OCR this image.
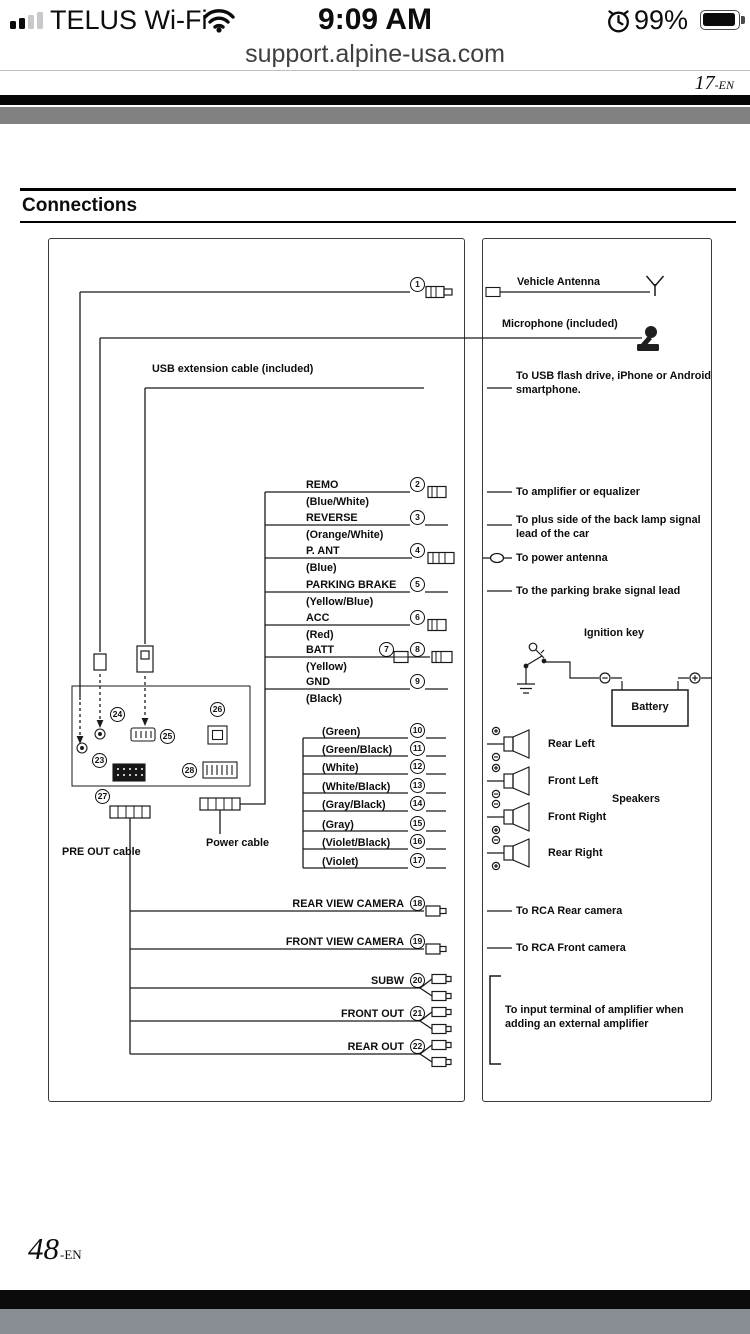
TELUS Wi-Fi	9:09 AM	99%
support.alpine-usa.com
17-EN
Connections
USB extension cable (included)
REMO
(Blue/White)
2
REVERSE
(Orange/White)
3
P. ANT
(Blue)
4
PARKING BRAKE
(Yellow/Blue)
5
ACC
(Red)
6
BATT
(Yellow)
7	8
GND
(Black)
9
(Green)	10
(Green/Black)	11
(White)	12
(White/Black)	13
(Gray/Black)	14
(Gray)	15
(Violet/Black)	16
(Violet)	17
1
23
24
25
26
27
28
PRE OUT cable
Power cable
REAR VIEW CAMERA	18
FRONT VIEW CAMERA	19
SUBW	20
FRONT OUT	21
REAR OUT	22
Vehicle Antenna
Microphone (included)
To USB flash drive, iPhone or Android smartphone.
To amplifier or equalizer
To plus side of the back lamp signal lead of the car
To power antenna
To the parking brake signal lead
Ignition key
Battery
Rear Left
Front Left
Speakers
Front Right
Rear Right
To RCA Rear camera
To RCA Front camera
To input terminal of amplifier when adding an external amplifier
48-EN
